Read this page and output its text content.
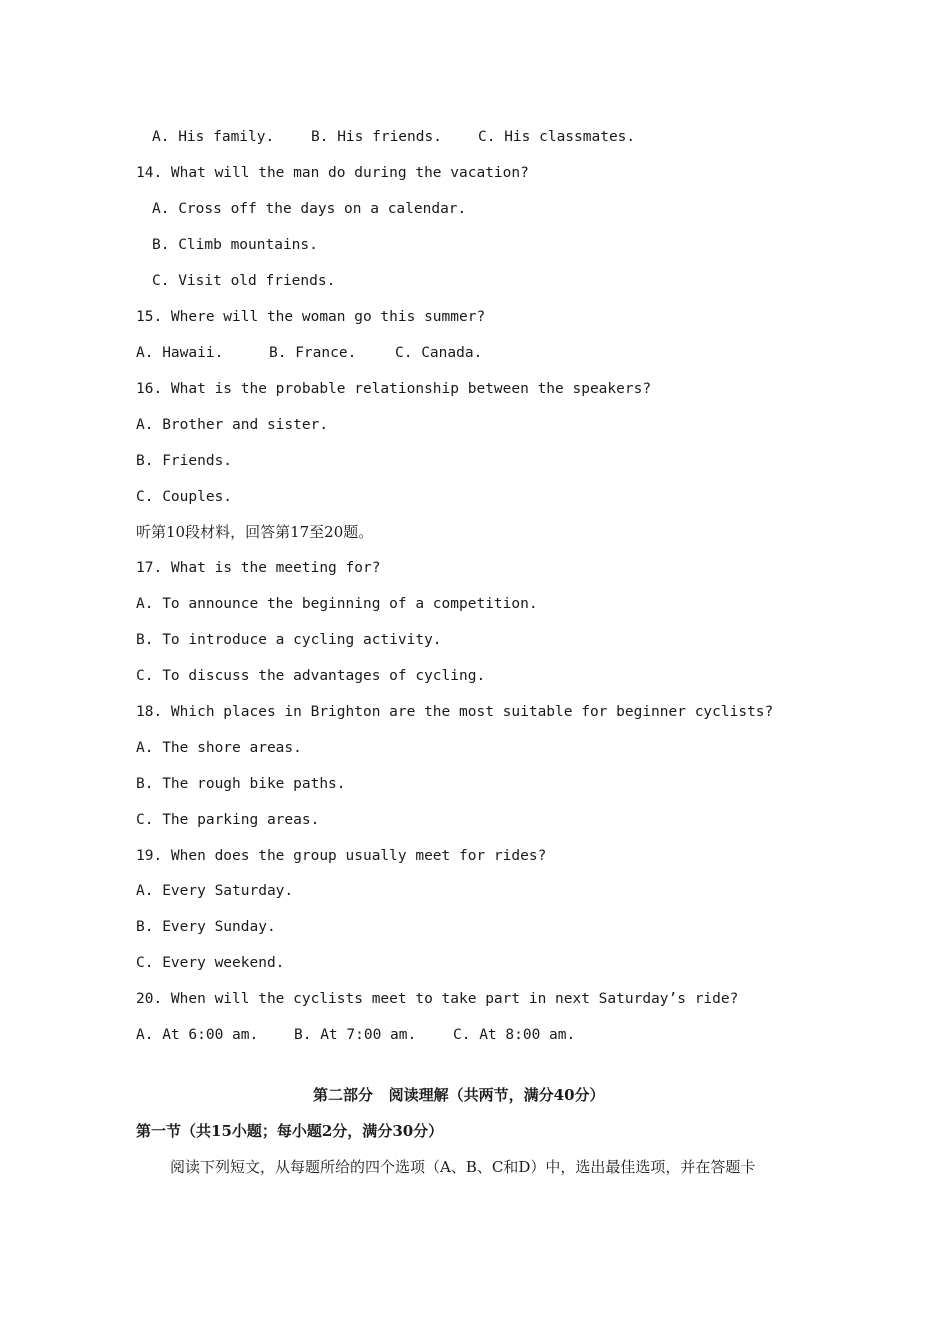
A. His family.	B. His friends. C. His classmates.
14. What will the man do during the vacation?
A. Cross off the days on a calendar.
B. Climb mountains.
C. Visit old friends.
15. Where will the woman go this summer?
A. Hawaii.	B. France.	C. Canada.
16. What is the probable relationship between the speakers?
A. Brother and sister.
B. Friends.
C. Couples.
听第10段材料，回答第17至20题。
17. What is the meeting for?
A. To announce the beginning of a competition.
B. To introduce a cycling activity.
C. To discuss the advantages of cycling.
18. Which places in Brighton are the most suitable for beginner cyclists?
A. The shore areas.
B. The rough bike paths.
C. The parking areas.
19. When does the group usually meet for rides?
A. Every Saturday.
B. Every Sunday.
C. Every weekend.
20. When will the cyclists meet to take part in next Saturday’s ride?
A. At 6:00 am. B. At 7:00 am.	C. At 8:00 am.
第二部分   阅读理解（共两节，满分40分）
第一节（共15小题；每小题2分，满分30分）
阅读下列短文，从每题所给的四个选项（A、B、C和D）中，选出最佳选项，并在答题卡
